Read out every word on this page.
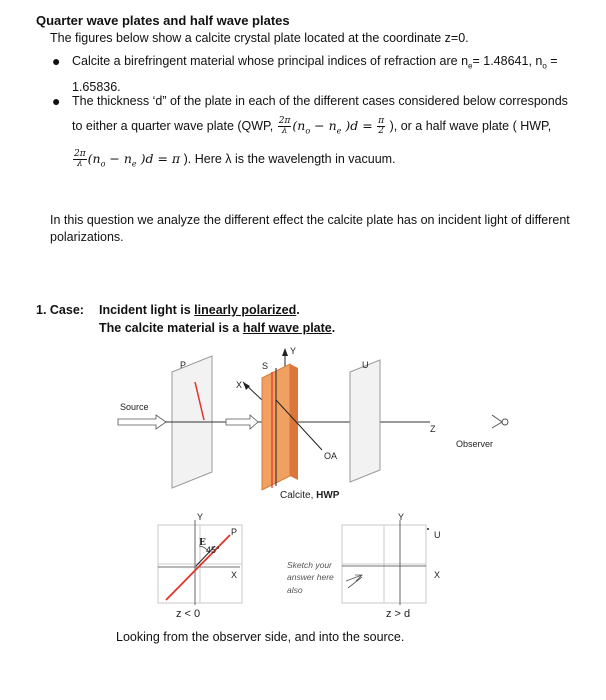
Quarter wave plates and half wave plates
The figures below show a calcite crystal plate located at the coordinate z=0.
● Calcite a birefringent material whose principal indices of refraction are $n_e= 1.48641$, $n_o$ =
1.65836.
● The thickness ‘d” of the plate in each of the different cases considered below corresponds
to either a quarter wave plate (QWP, $\frac{2\pi}{\lambda} (n_o - n_e$ )$d = \frac{\pi}{2}$ ), or a half wave plate ( HWP,
$\frac{2\pi}{\lambda} (n_o - n_e$ )d = π ). Here λ is the wavelength in vacuum.
In this question we analyze the different effect the calcite plate has on incident light of different polarizations.
1. Case: Incident light is linearly polarized.
The calcite material is a half wave plate.
P
Source
Z
X
Y
S
OA
U
Observer
Calcite, HWP
Y
X
P
E
45°
Y
X
U
Sketch your
answer here
also
z < 0	z > d
Looking from the observer side, and into the source.
